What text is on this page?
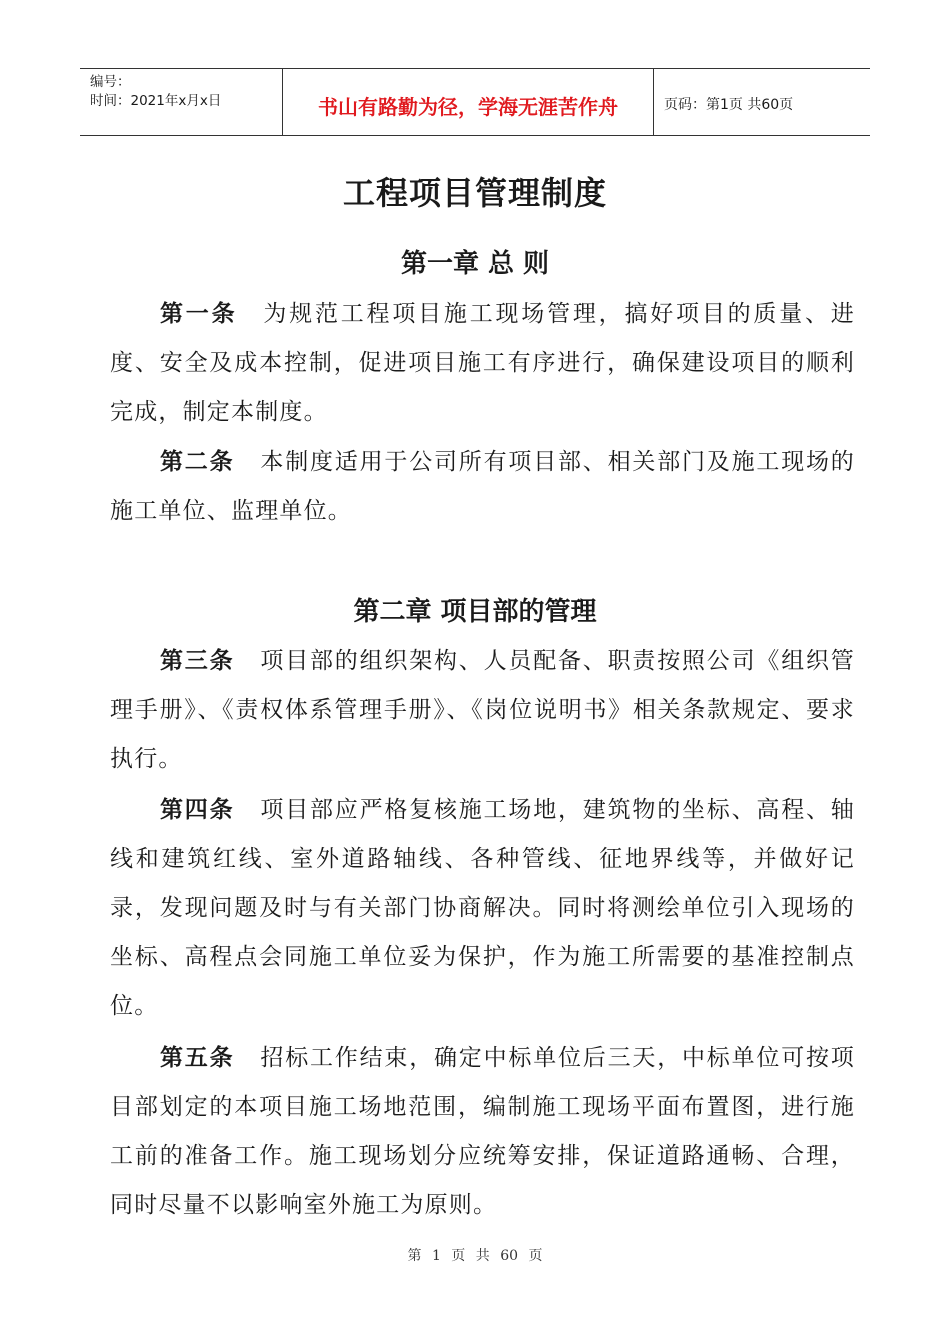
编号：
时间：2021年x月x日	书山有路勤为径，学海无涯苦作舟	页码：第1页 共60页
工程项目管理制度
第一章 总 则
第一条 为规范工程项目施工现场管理，搞好项目的质量、进度、安全及成本控制，促进项目施工有序进行，确保建设项目的顺利完成，制定本制度。
第二条 本制度适用于公司所有项目部、相关部门及施工现场的施工单位、监理单位。
第二章 项目部的管理
第三条 项目部的组织架构、人员配备、职责按照公司《组织管理手册》、《责权体系管理手册》、《岗位说明书》相关条款规定、要求执行。
第四条 项目部应严格复核施工场地，建筑物的坐标、高程、轴线和建筑红线、室外道路轴线、各种管线、征地界线等，并做好记录，发现问题及时与有关部门协商解决。同时将测绘单位引入现场的坐标、高程点会同施工单位妥为保护，作为施工所需要的基准控制点位。
第五条 招标工作结束，确定中标单位后三天，中标单位可按项目部划定的本项目施工场地范围，编制施工现场平面布置图，进行施工前的准备工作。施工现场划分应统筹安排，保证道路通畅、合理，同时尽量不以影响室外施工为原则。
第 1 页 共 60 页
